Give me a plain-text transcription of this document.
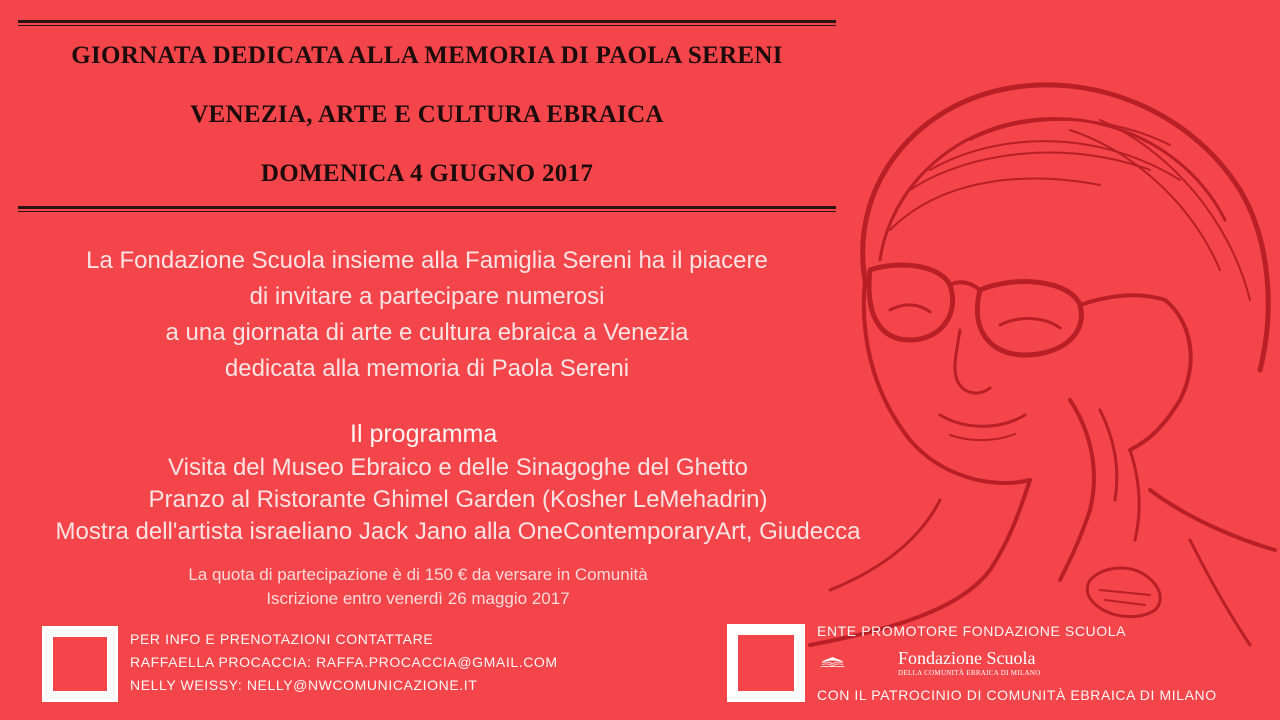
GIORNATA DEDICATA ALLA MEMORIA DI PAOLA SERENI
VENEZIA, ARTE E CULTURA EBRAICA
DOMENICA 4 GIUGNO 2017
La Fondazione Scuola insieme alla Famiglia Sereni ha il piacere
di invitare a partecipare numerosi
a una giornata di arte e cultura ebraica a Venezia
dedicata alla memoria di Paola Sereni
Il programma
Visita del Museo Ebraico e delle Sinagoghe del Ghetto
Pranzo al Ristorante Ghimel Garden (Kosher LeMehadrin)
Mostra dell'artista israeliano Jack Jano alla OneContemporaryArt, Giudecca
La quota di partecipazione è di 150 € da versare in Comunità
Iscrizione entro venerdì 26 maggio 2017
PER INFO E PRENOTAZIONI CONTATTARE
RAFFAELLA PROCACCIA: RAFFA.PROCACCIA@GMAIL.COM
NELLY WEISSY: NELLY@NWCOMUNICAZIONE.IT
ENTE PROMOTORE FONDAZIONE SCUOLA
Fondazione Scuola
DELLA COMUNITÀ EBRAICA DI MILANO
CON IL PATROCINIO DI COMUNITÀ EBRAICA DI MILANO
